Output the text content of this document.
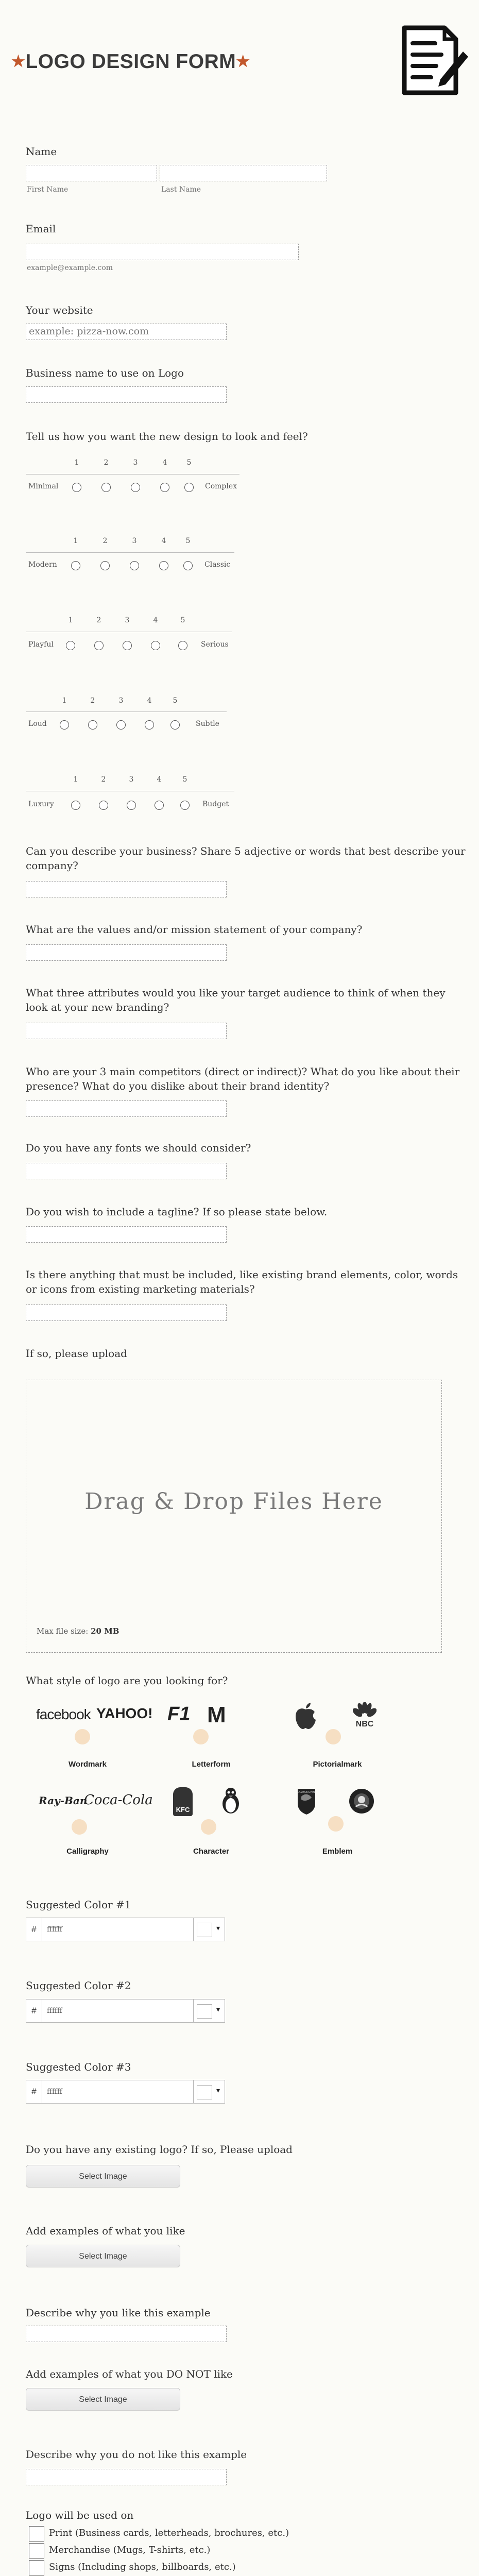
★LOGO DESIGN FORM★
Name
First Name	Last Name
Email
example@example.com
Your website
example: pizza-now.com
Business name to use on Logo
Tell us how you want the new design to look and feel?
1	2	3	4	5
Minimal	Complex
1	2	3	4	5
Modern	Classic
1	2	3	4	5
Playful	Serious
1	2	3	4	5
Loud	Subtle
1	2	3	4	5
Luxury	Budget
Can you describe your business? Share 5 adjective or words that best describe your company?
What are the values and/or mission statement of your company?
What three attributes would you like your target audience to think of when they look at your new branding?
Who are your 3 main competitors (direct or indirect)? What do you like about their presence? What do you dislike about their brand identity?
Do you have any fonts we should consider?
Do you wish to include a tagline? If so please state below.
Is there anything that must be included, like existing brand elements, color, words or icons from existing marketing materials?
If so, please upload
Drag & Drop Files Here
Max file size: 20 MB
What style of logo are you looking for?
facebook YAHOO!
Wordmark
F1 M
Letterform
NBC
Pictorialmark
Ray-Ban
Coca-Cola
Calligraphy
KFC
Character
LAMBORGHINI
Emblem
Suggested Color #1
#	ffffff	▾
Suggested Color #2
#	ffffff	▾
Suggested Color #3
#	ffffff	▾
Do you have any existing logo? If so, Please upload
Select Image
Add examples of what you like
Select Image
Describe why you like this example
Add examples of what you DO NOT like
Select Image
Describe why you do not like this example
Logo will be used on
Print (Business cards, letterheads, brochures, etc.)
Merchandise (Mugs, T-shirts, etc.)
Signs (Including shops, billboards, etc.)
